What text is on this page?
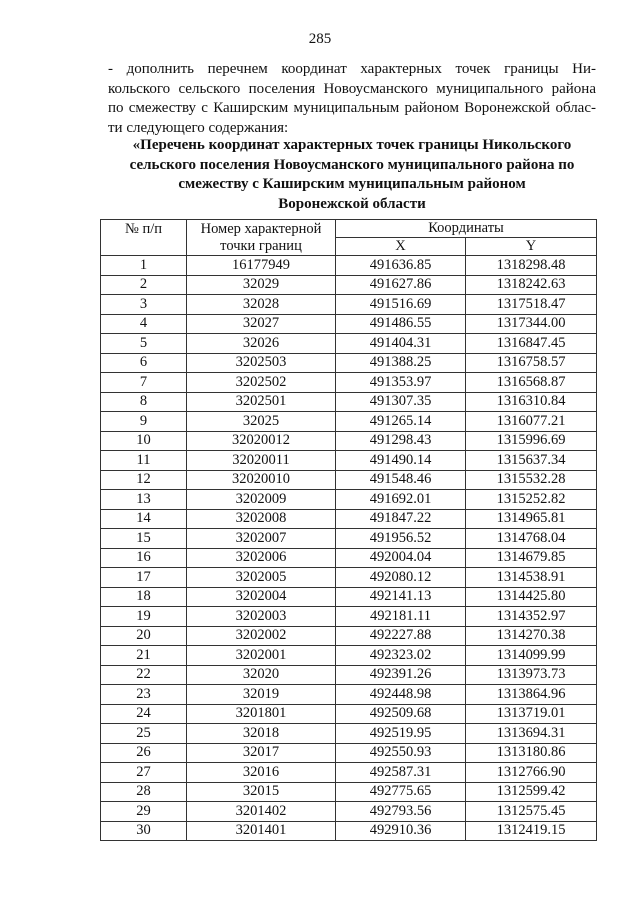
285

- дополнить перечнем координат характерных точек границы Ни-
кольского сельского поселения Новоусманского муниципального района
по смежеству с Каширским муниципальным районом Воронежской облас-
ти следующего содержания:

«Перечень координат характерных точек границы Никольского
сельского поселения Новоусманского муниципального района по
смежеству с Каширским муниципальным районом
Воронежской области

№ п/п	Номер характерной
точки границ	Координаты	
		X	Y
1	16177949	491636.85	1318298.48
2	32029	491627.86	1318242.63
3	32028	491516.69	1317518.47
4	32027	491486.55	1317344.00
5	32026	491404.31	1316847.45
6	3202503	491388.25	1316758.57
7	3202502	491353.97	1316568.87
8	3202501	491307.35	1316310.84
9	32025	491265.14	1316077.21
10	32020012	491298.43	1315996.69
11	32020011	491490.14	1315637.34
12	32020010	491548.46	1315532.28
13	3202009	491692.01	1315252.82
14	3202008	491847.22	1314965.81
15	3202007	491956.52	1314768.04
16	3202006	492004.04	1314679.85
17	3202005	492080.12	1314538.91
18	3202004	492141.13	1314425.80
19	3202003	492181.11	1314352.97
20	3202002	492227.88	1314270.38
21	3202001	492323.02	1314099.99
22	32020	492391.26	1313973.73
23	32019	492448.98	1313864.96
24	3201801	492509.68	1313719.01
25	32018	492519.95	1313694.31
26	32017	492550.93	1313180.86
27	32016	492587.31	1312766.90
28	32015	492775.65	1312599.42
29	3201402	492793.56	1312575.45
30	3201401	492910.36	1312419.15
